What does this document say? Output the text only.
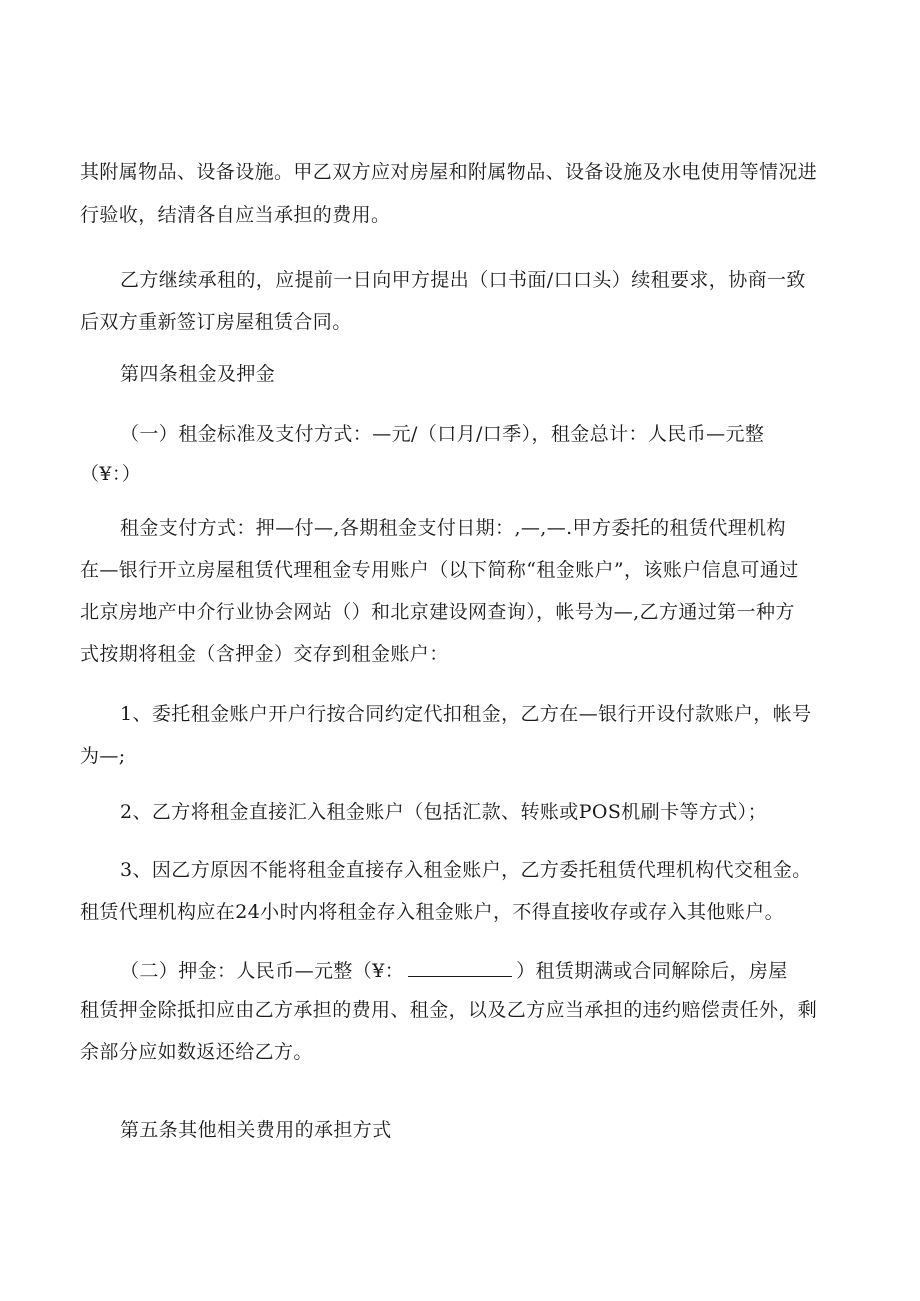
其附属物品、设备设施。甲乙双方应对房屋和附属物品、设备设施及水电使用等情况进
行验收，结清各自应当承担的费用。
乙方继续承租的，应提前一日向甲方提出（口书面/口口头）续租要求，协商一致
后双方重新签订房屋租赁合同。
第四条租金及押金
（一）租金标准及支付方式：—元/（口月/口季），租金总计：人民币—元整
（¥：）
租金支付方式：押—付—,各期租金支付日期：,—,—.甲方委托的租赁代理机构
在—银行开立房屋租赁代理租金专用账户（以下简称“租金账户”，该账户信息可通过
北京房地产中介行业协会网站（）和北京建设网查询），帐号为—,乙方通过第一种方
式按期将租金（含押金）交存到租金账户：
1、委托租金账户开户行按合同约定代扣租金，乙方在—银行开设付款账户，帐号
为—;
2、乙方将租金直接汇入租金账户（包括汇款、转账或POS机刷卡等方式）；
3、因乙方原因不能将租金直接存入租金账户，乙方委托租赁代理机构代交租金。
租赁代理机构应在24小时内将租金存入租金账户，不得直接收存或存入其他账户。
（二）押金：人民币—元整（¥：	）租赁期满或合同解除后，房屋
租赁押金除抵扣应由乙方承担的费用、租金，以及乙方应当承担的违约赔偿责任外，剩
余部分应如数返还给乙方。
第五条其他相关费用的承担方式
